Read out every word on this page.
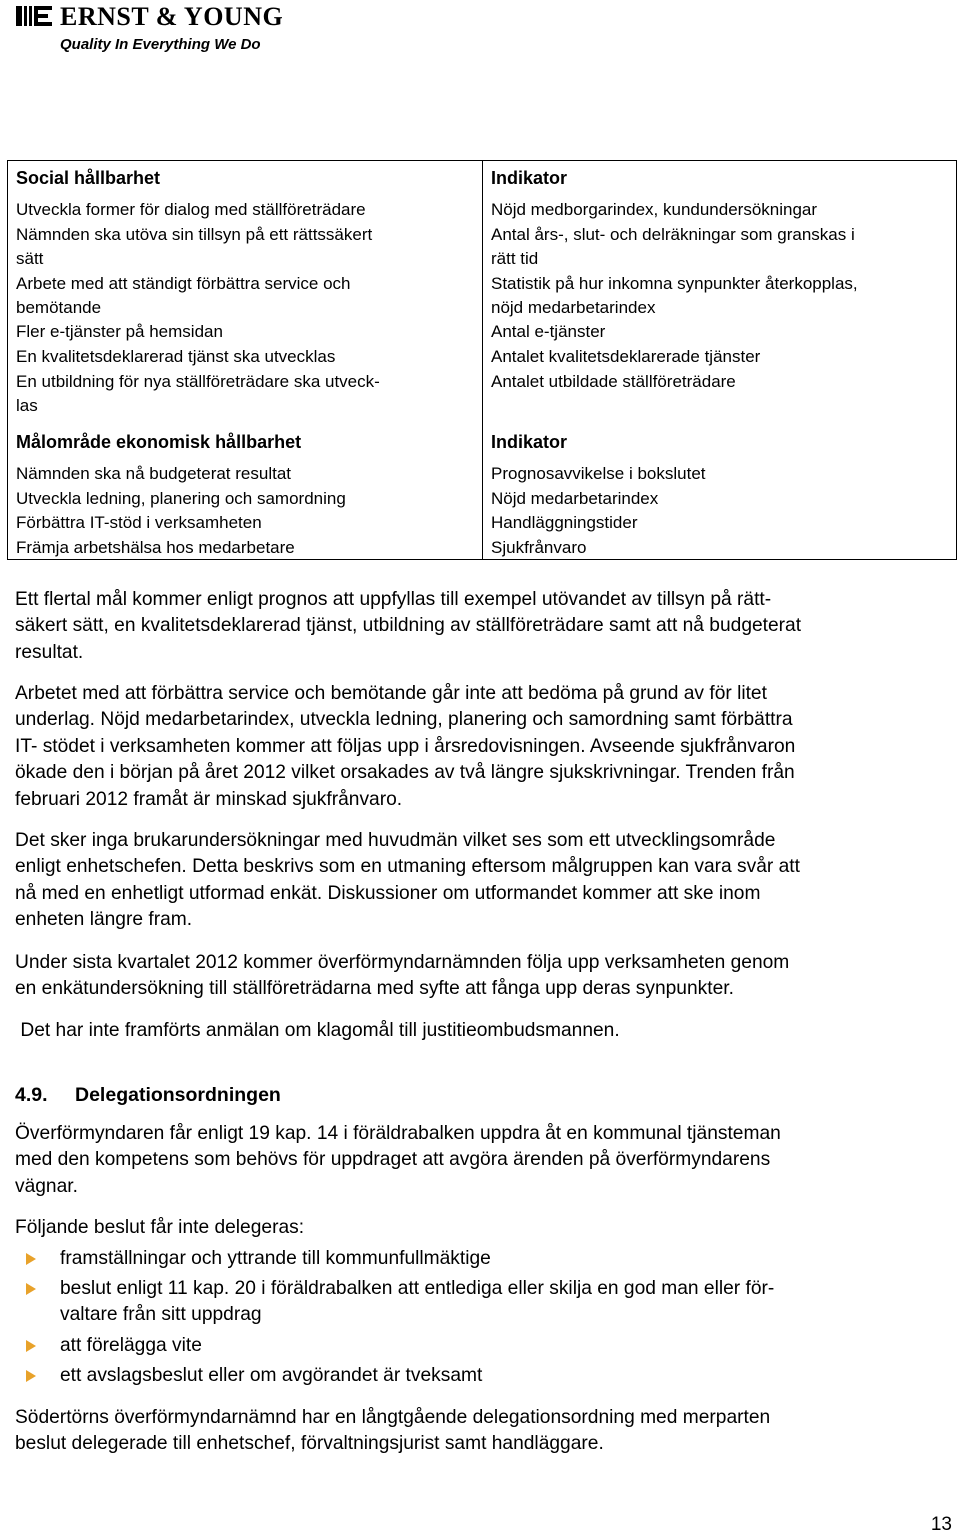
ERNST & YOUNG
Quality In Everything We Do
Social hållbarhet
Utveckla former för dialog med ställföreträdare
Nämnden ska utöva sin tillsyn på ett rättssäkert
sätt
Arbete med att ständigt förbättra service och
bemötande
Fler e-tjänster på hemsidan
En kvalitetsdeklarerad tjänst ska utvecklas
En utbildning för nya ställföreträdare ska utveck-
las
Målområde ekonomisk hållbarhet
Nämnden ska nå budgeterat resultat
Utveckla ledning, planering och samordning
Förbättra IT-stöd i verksamheten
Främja arbetshälsa hos medarbetare
Indikator
Nöjd medborgarindex, kundundersökningar
Antal års-, slut- och delräkningar som granskas i
rätt tid
Statistik på hur inkomna synpunkter återkopplas,
nöjd medarbetarindex
Antal e-tjänster
Antalet kvalitetsdeklarerade tjänster
Antalet utbildade ställföreträdare
Indikator
Prognosavvikelse i bokslutet
Nöjd medarbetarindex
Handläggningstider
Sjukfrånvaro

Ett flertal mål kommer enligt prognos att uppfyllas till exempel utövandet av tillsyn på rätt-
säkert sätt, en kvalitetsdeklarerad tjänst, utbildning av ställföreträdare samt att nå budgeterat
resultat.

Arbetet med att förbättra service och bemötande går inte att bedöma på grund av för litet
underlag. Nöjd medarbetarindex, utveckla ledning, planering och samordning samt förbättra
IT- stödet i verksamheten kommer att följas upp i årsredovisningen. Avseende sjukfrånvaron
ökade den i början på året 2012 vilket orsakades av två längre sjukskrivningar. Trenden från
februari 2012 framåt är minskad sjukfrånvaro.

Det sker inga brukarundersökningar med huvudmän vilket ses som ett utvecklingsområde
enligt enhetschefen. Detta beskrivs som en utmaning eftersom målgruppen kan vara svår att
nå med en enhetligt utformad enkät. Diskussioner om utformandet kommer att ske inom
enheten längre fram.

Under sista kvartalet 2012 kommer överförmyndarnämnden följa upp verksamheten genom
en enkätundersökning till ställföreträdarna med syfte att fånga upp deras synpunkter.

Det har inte framförts anmälan om klagomål till justitieombudsmannen.

4.9. Delegationsordningen

Överförmyndaren får enligt 19 kap. 14 i föräldrabalken uppdra åt en kommunal tjänsteman
med den kompetens som behövs för uppdraget att avgöra ärenden på överförmyndarens
vägnar.

Följande beslut får inte delegeras:

framställningar och yttrande till kommunfullmäktige
beslut enligt 11 kap. 20 i föräldrabalken att entlediga eller skilja en god man eller för-
valtare från sitt uppdrag
att förelägga vite
ett avslagsbeslut eller om avgörandet är tveksamt

Södertörns överförmyndarnämnd har en långtgående delegationsordning med merparten
beslut delegerade till enhetschef, förvaltningsjurist samt handläggare.

13
